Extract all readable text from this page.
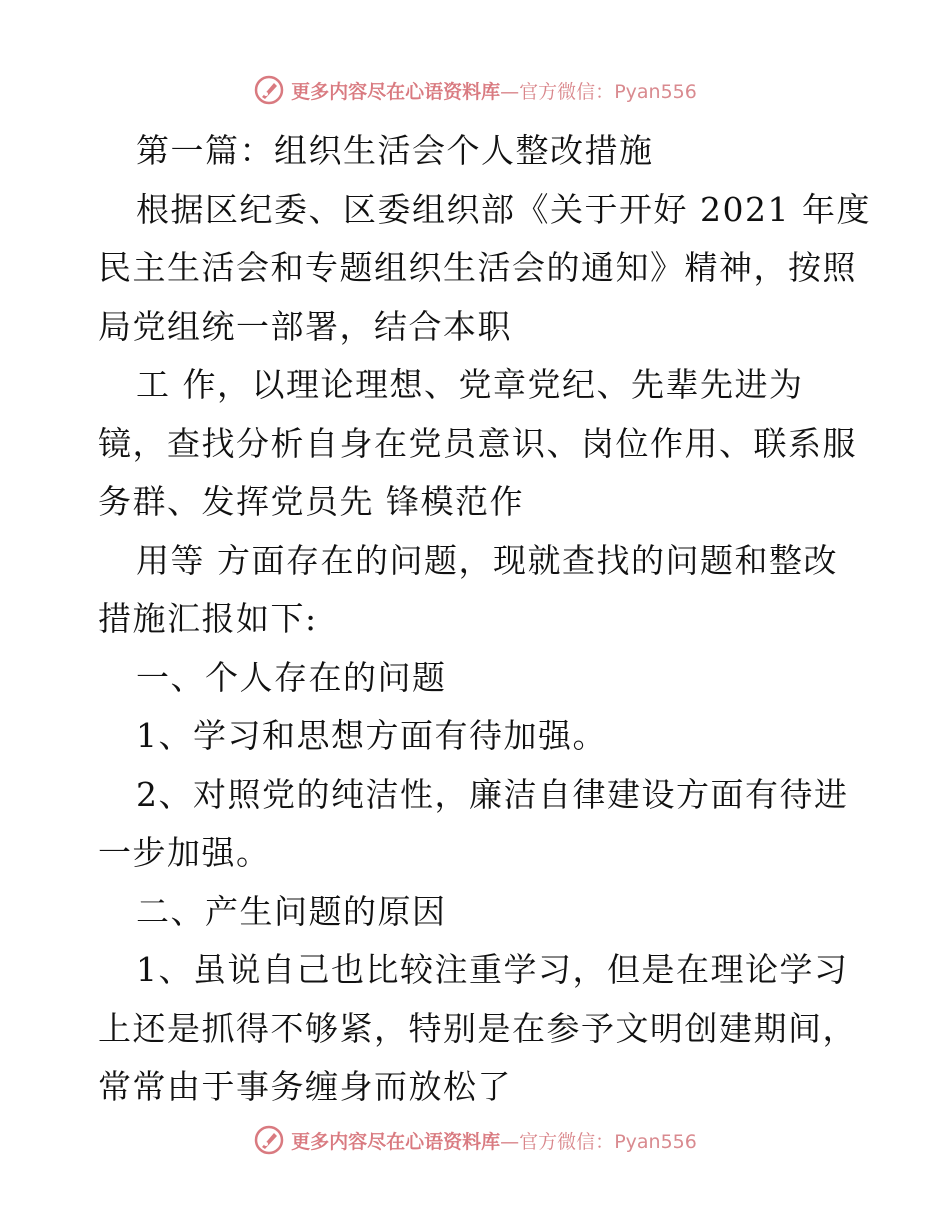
更多内容尽在心语资料库—官方微信：Pyan556
第一篇：组织生活会个人整改措施
根据区纪委、区委组织部《关于开好 2021 年度
民主生活会和专题组织生活会的通知》精神，按照
局党组统一部署，结合本职
工 作，以理论理想、党章党纪、先辈先进为
镜，查找分析自身在党员意识、岗位作用、联系服
务群、发挥党员先 锋模范作
用等 方面存在的问题，现就查找的问题和整改
措施汇报如下:
一、个人存在的问题
1、学习和思想方面有待加强。
2、对照党的纯洁性，廉洁自律建设方面有待进
一步加强。
二、产生问题的原因
1、虽说自己也比较注重学习，但是在理论学习
上还是抓得不够紧，特别是在参予文明创建期间，
常常由于事务缠身而放松了
更多内容尽在心语资料库—官方微信：Pyan556
